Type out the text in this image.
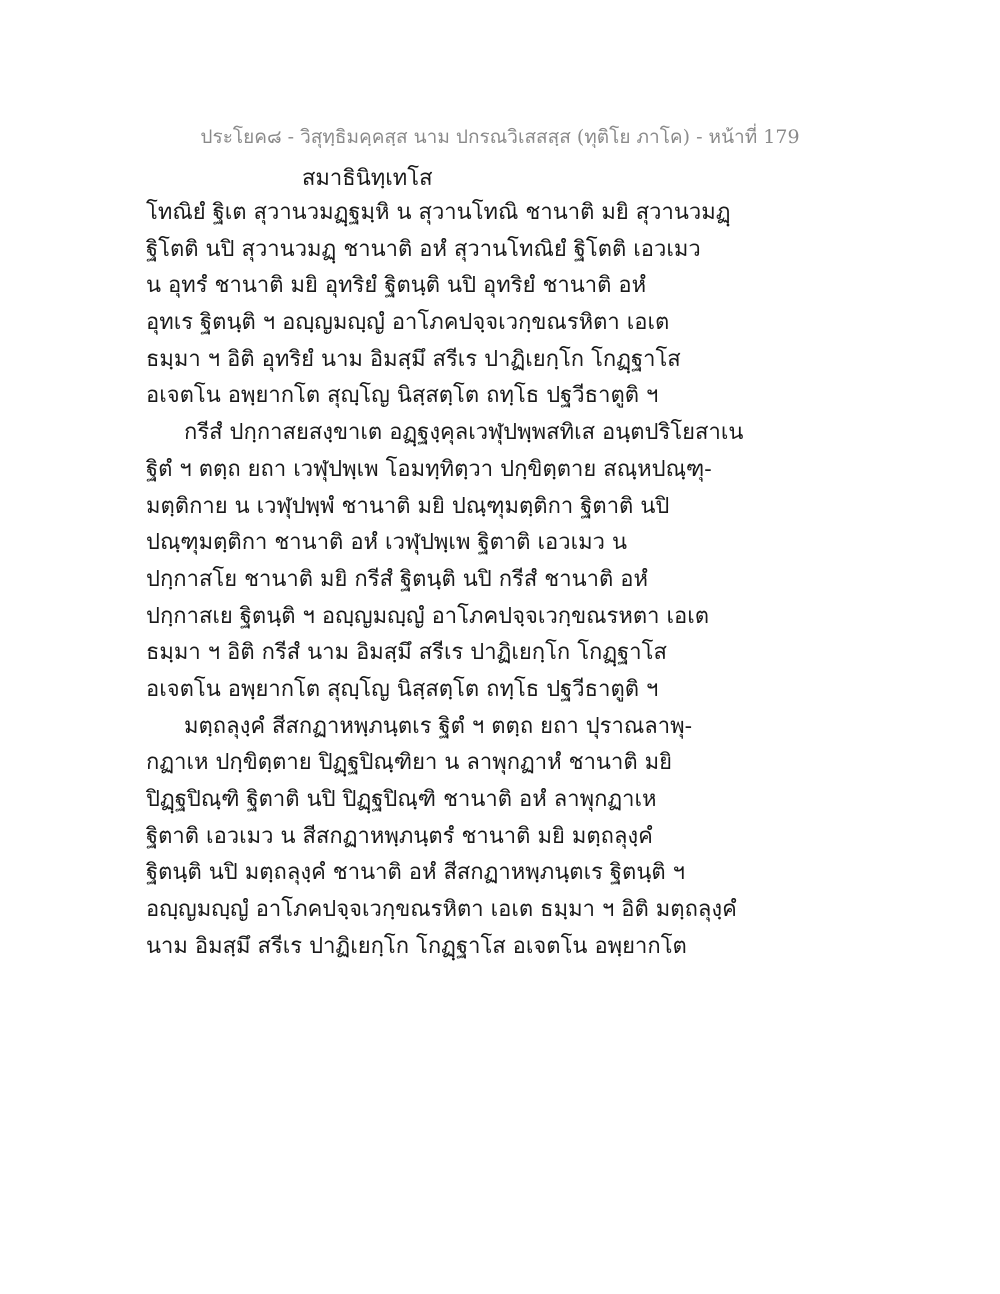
ประโยค๘ - วิสุทฺธิมคฺคสฺส นาม ปกรณวิเสสสฺส (ทุติโย ภาโค) - หน้าที่ 179
สมาธินิทฺเทโส
โทณิยํ ฐิเต สุวานวมฏฺฐมฺหิ น สุวานโทณิ ชานาติ มยิ สุวานวมฏฺ
ฐิโตติ นปิ สุวานวมฏฺ ชานาติ อหํ สุวานโทณิยํ ฐิโตติ เอวเมว
น อุทรํ ชานาติ มยิ อุทริยํ ฐิตนฺติ นปิ อุทริยํ ชานาติ อหํ
อุทเร ฐิตนฺติ ฯ อญฺญมญฺญํ อาโภคปจฺจเวกฺขณรหิตา เอเต
ธมฺมา ฯ อิติ อุทริยํ นาม อิมสฺมึ สรีเร ปาฏิเยกฺโก โกฏฺฐาโส
อเจตโน อพฺยากโต สุญฺโญ นิสฺสตฺโต ถทฺโธ ปฐวีธาตูติ ฯ
กรีสํ ปกฺกาสยสงฺขาเต อฏฺฐงฺคุลเวฬุปพฺพสทิเส อนฺตปริโยสาเน
ฐิตํ ฯ ตตฺถ ยถา เวฬุปพฺเพ โอมทฺทิตฺวา ปกฺขิตฺตาย สณฺหปณฺฑุ-
มตฺติกาย น เวฬุปพฺพํ ชานาติ มยิ ปณฺฑุมตฺติกา ฐิตาติ นปิ
ปณฺฑุมตฺติกา ชานาติ อหํ เวฬุปพฺเพ ฐิตาติ เอวเมว น
ปกฺกาสโย ชานาติ มยิ กรีสํ ฐิตนฺติ นปิ กรีสํ ชานาติ อหํ
ปกฺกาสเย ฐิตนฺติ ฯ อญฺญมญฺญํ อาโภคปจฺจเวกฺขณรหตา เอเต
ธมฺมา ฯ อิติ กรีสํ นาม อิมสฺมึ สรีเร ปาฏิเยกฺโก โกฏฺฐาโส
อเจตโน อพฺยากโต สุญฺโญ นิสฺสตฺโต ถทฺโธ ปฐวีธาตูติ ฯ
มตฺถลุงฺคํ สีสกฏาหพฺภนฺตเร ฐิตํ ฯ ตตฺถ ยถา ปุราณลาพุ-
กฏาเห ปกฺขิตฺตาย ปิฏฺฐปิณฺฑิยา น ลาพุกฏาหํ ชานาติ มยิ
ปิฏฺฐปิณฺฑิ ฐิตาติ นปิ ปิฏฺฐปิณฺฑิ ชานาติ อหํ ลาพุกฏาเห
ฐิตาติ เอวเมว น สีสกฏาหพฺภนฺตรํ ชานาติ มยิ มตฺถลุงฺคํ
ฐิตนฺติ นปิ มตฺถลุงฺคํ ชานาติ อหํ สีสกฏาหพฺภนฺตเร ฐิตนฺติ ฯ
อญฺญมญฺญํ อาโภคปจฺจเวกฺขณรหิตา เอเต ธมฺมา ฯ อิติ มตฺถลุงฺคํ
นาม อิมสฺมึ สรีเร ปาฏิเยกฺโก โกฏฺฐาโส อเจตโน อพฺยากโต
